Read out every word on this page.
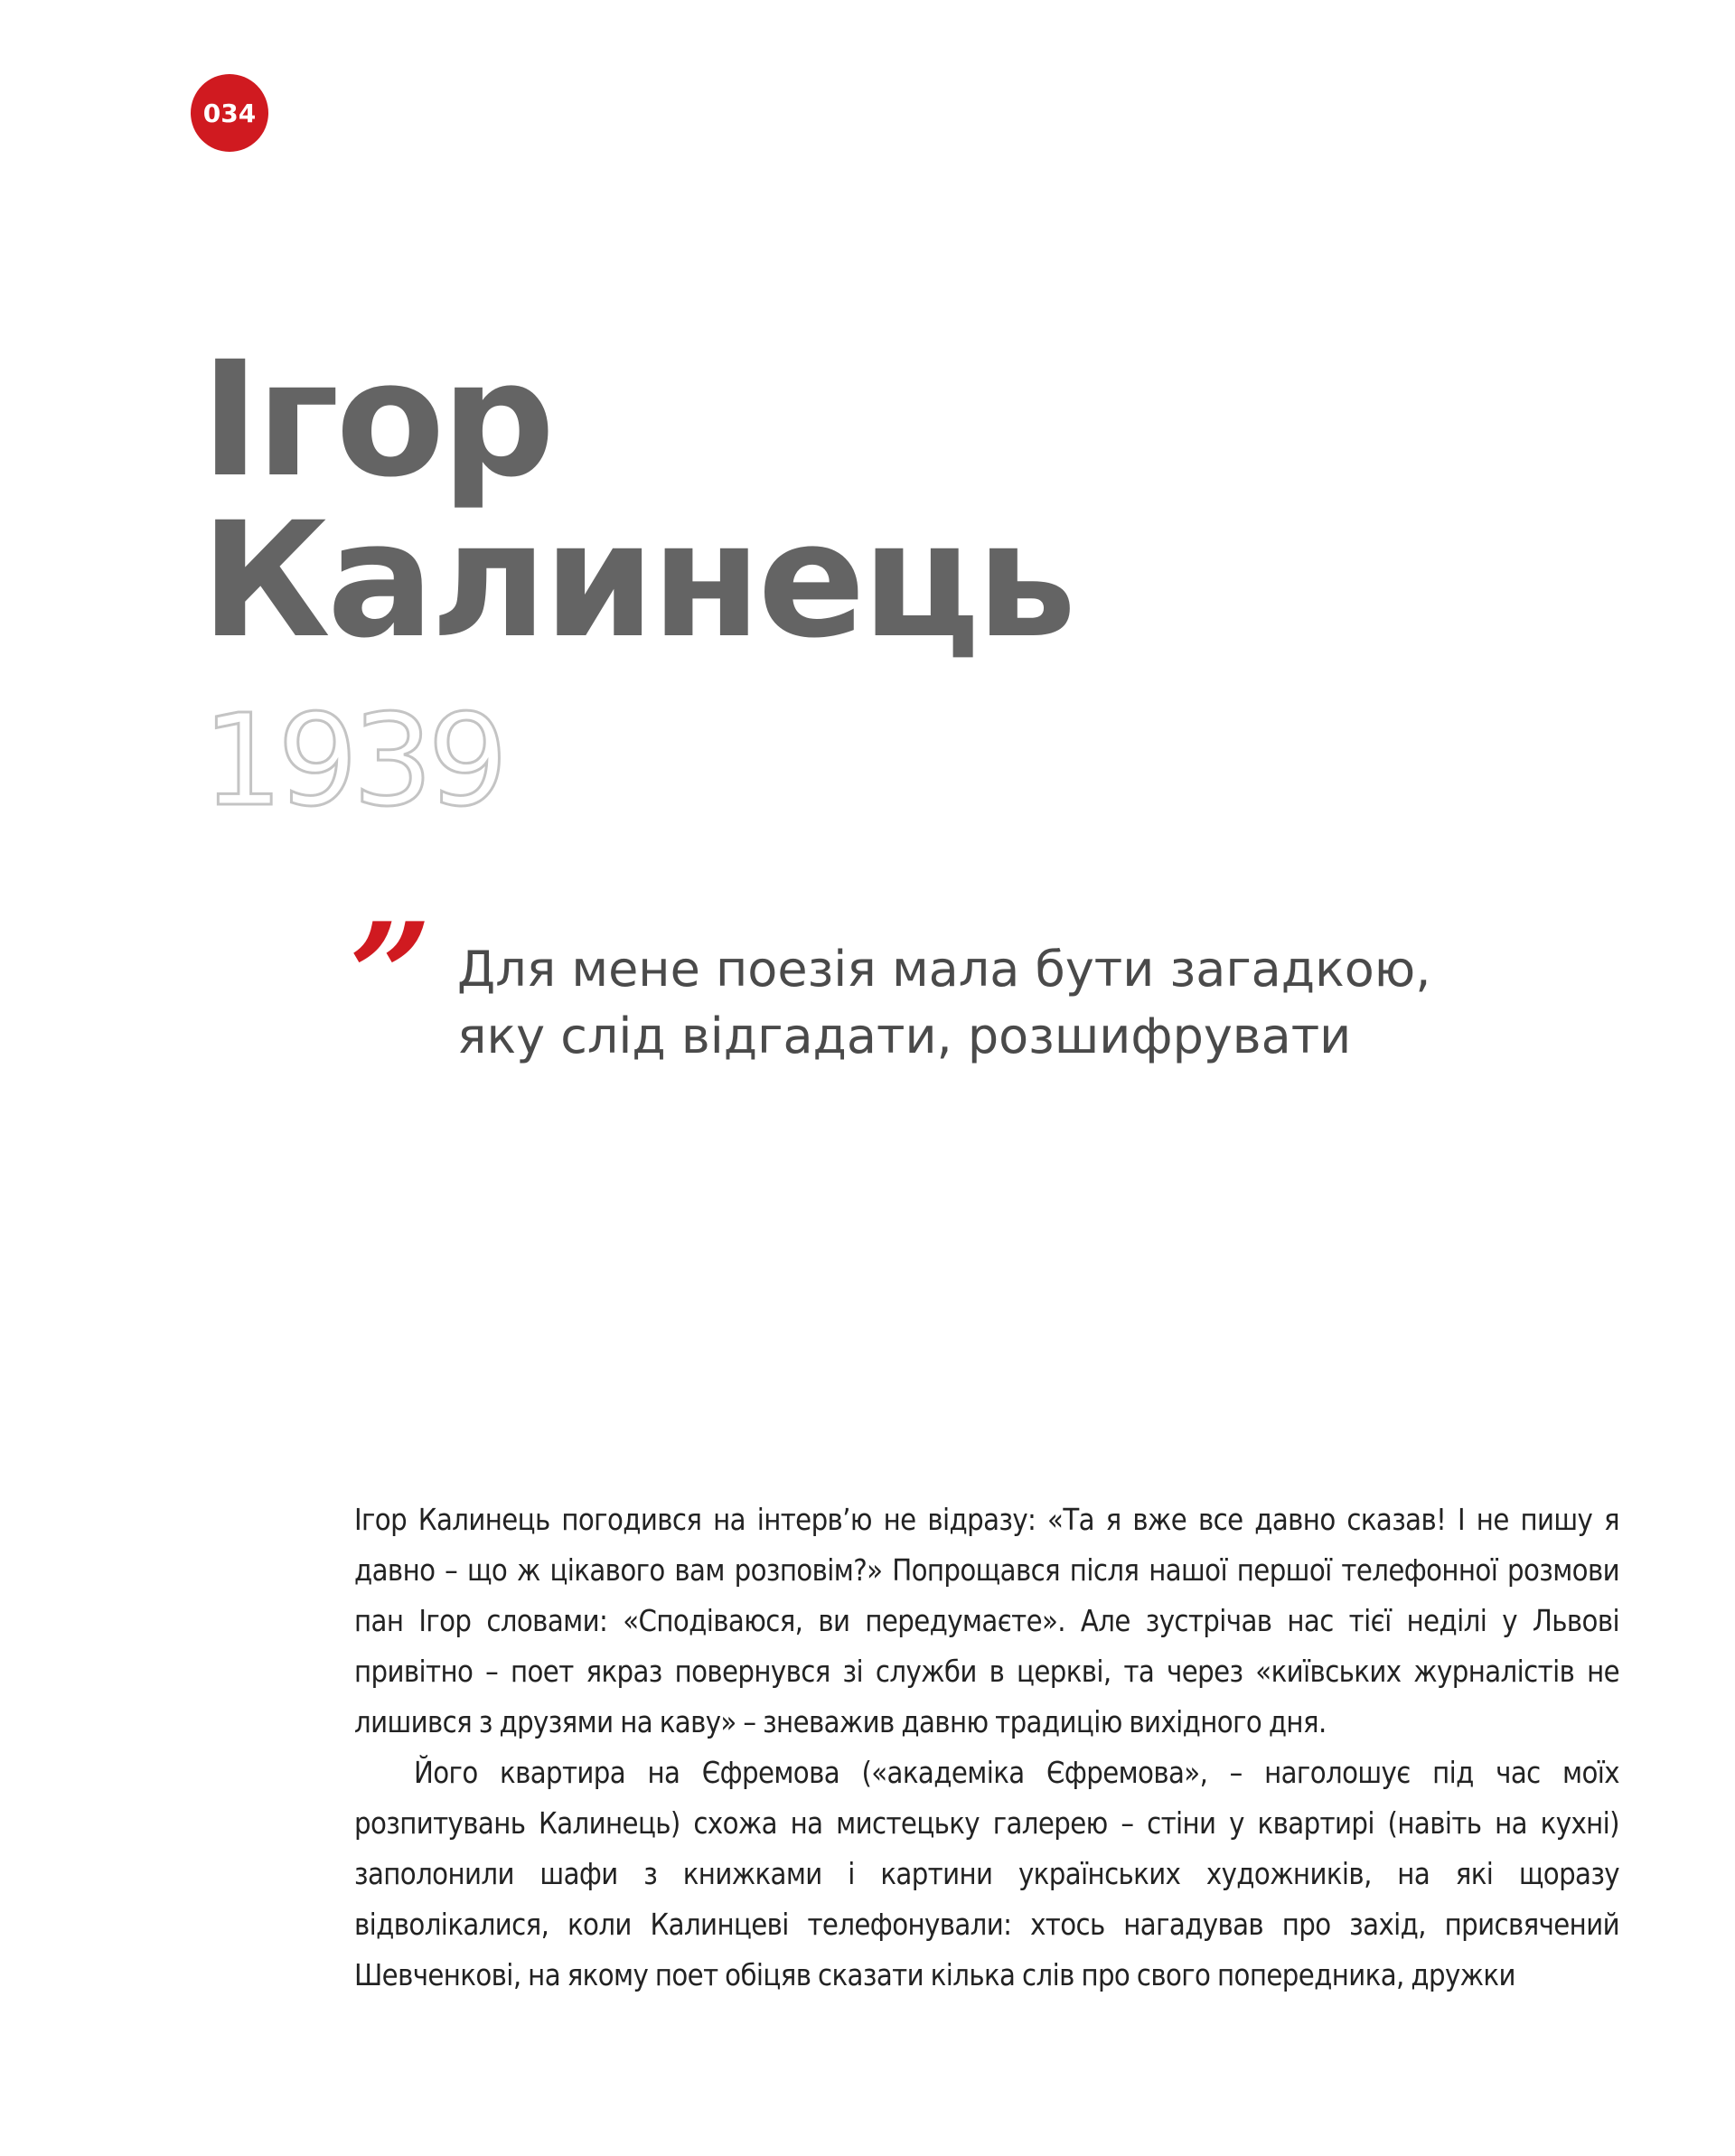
034
Ігор
Калинець
1939
” Для мене поезія мала бути загадкою,
яку слід відгадати, розшифрувати

Ігор Калинець погодився на інтерв’ю не відразу: «Та я вже все давно сказав! І не пишу я давно – що ж цікавого вам розповім?» Попрощався після нашої першої телефонної розмови пан Ігор словами: «Сподіваюся, ви передумаєте». Але зустрічав нас тієї неділі у Львові привітно – поет якраз повернувся зі служби в церкві, та через «київських журналістів не лишився з друзями на каву» – зневажив давню традицію вихідного дня.

Його квартира на Єфремова («академіка Єфремова», – наголошує під час моїх розпитувань Калинець) схожа на мистецьку галерею – стіни у квартирі (навіть на кухні) заполонили шафи з книжками і картини українських художників, на які щоразу відволікалися, коли Калинцеві телефонували: хтось нагадував про захід, присвячений Шевченкові, на якому поет обіцяв сказати кілька слів про свого попередника, дружки
